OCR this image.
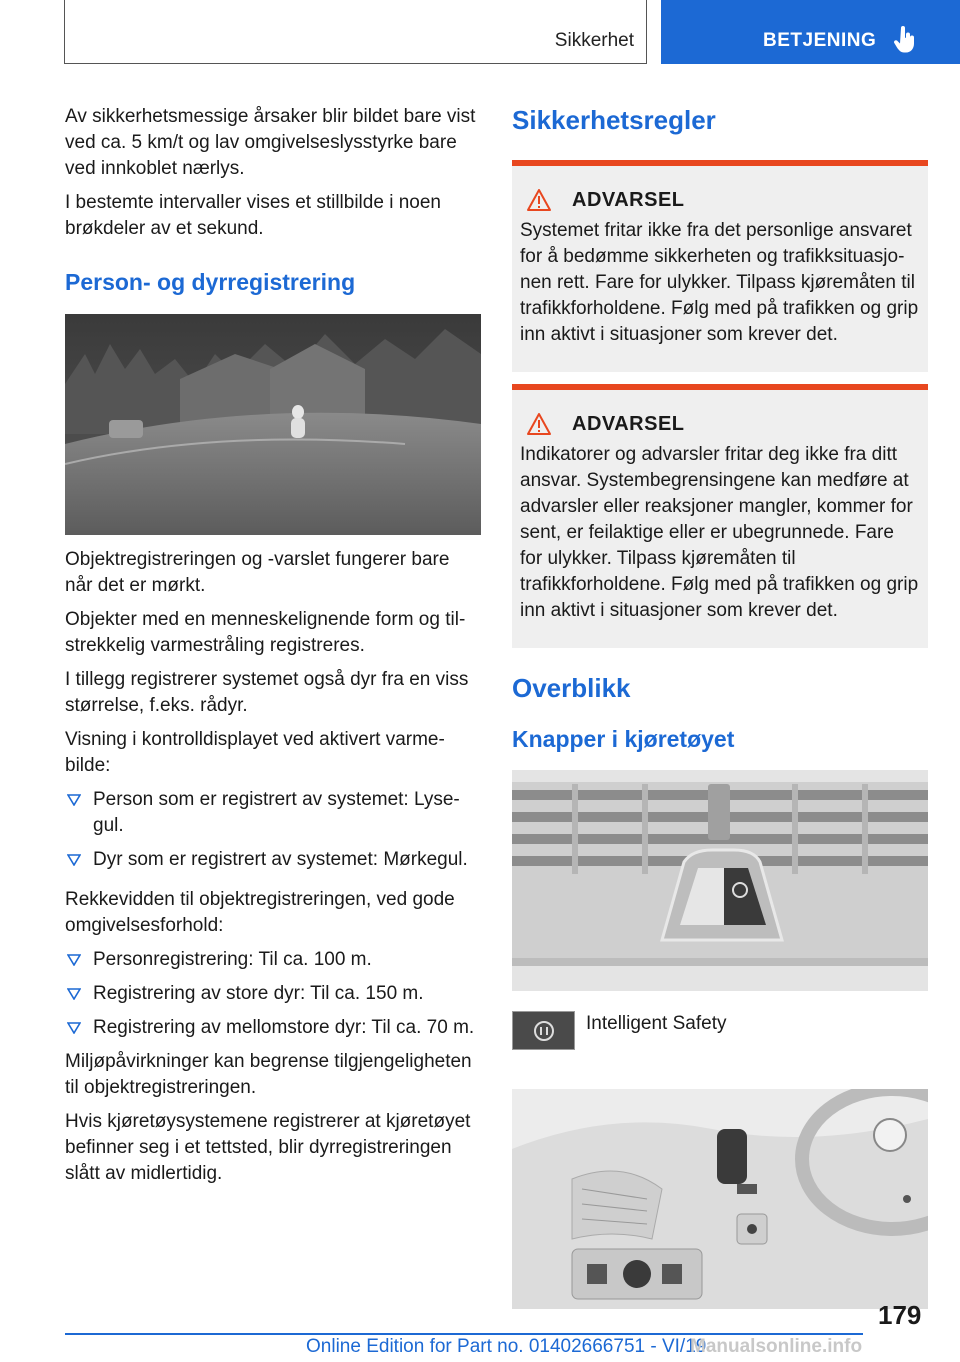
Sikkerhet	BETJENING

Av sikkerhetsmessige årsaker blir bildet bare vist ved ca. 5 km/t og lav omgivelseslysstyrke bare ved innkoblet nærlys.

I bestemte intervaller vises et stillbilde i noen brøkdeler av et sekund.

Person- og dyrregistrering

Objektregistreringen og -varslet fungerer bare når det er mørkt.

Objekter med en menneskelignende form og tilstrekkelig varmestråling registreres.

I tillegg registrerer systemet også dyr fra en viss størrelse, f.eks. rådyr.

Visning i kontrolldisplayet ved aktivert varmebilde:

Person som er registrert av systemet: Lysegul.
Dyr som er registrert av systemet: Mørkegul.

Rekkevidden til objektregistreringen, ved gode omgivelsesforhold:

Personregistrering: Til ca. 100 m.
Registrering av store dyr: Til ca. 150 m.
Registrering av mellomstore dyr: Til ca. 70 m.

Miljøpåvirkninger kan begrense tilgjengeligheten til objektregistreringen.

Hvis kjøretøysystemene registrerer at kjøretøyet befinner seg i et tettsted, blir dyrregistreringen slått av midlertidig.

Sikkerhetsregler
ADVARSEL

Systemet fritar ikke fra det personlige ansvaret for å bedømme sikkerheten og trafikksituasjonen rett. Fare for ulykker. Tilpass kjøremåten til trafikkforholdene. Følg med på trafikken og grip inn aktivt i situasjoner som krever det.

ADVARSEL

Indikatorer og advarsler fritar deg ikke fra ditt ansvar. Systembegrensingene kan medføre at advarsler eller reaksjoner mangler, kommer for sent, er feilaktige eller er ubegrunnede. Fare for ulykker. Tilpass kjøremåten til trafikkforholdene. Følg med på trafikken og grip inn aktivt i situasjoner som krever det.

Overblikk
Knapper i kjøretøyet
Intelligent Safety
179
Online Edition for Part no. 01402666751 - VI/19
Manualsonline.info
